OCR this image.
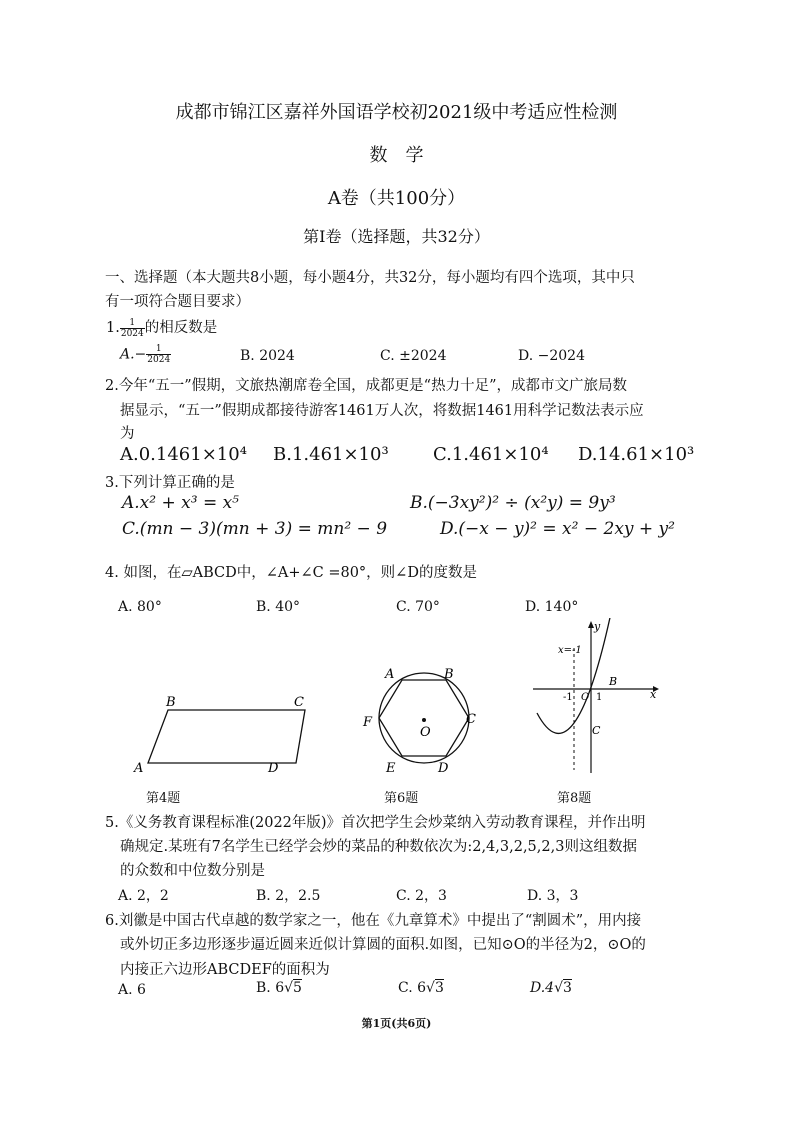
成都市锦江区嘉祥外国语学校初2021级中考适应性检测
数　学
A卷（共100分）
第Ⅰ卷（选择题，共32分）
一、选择题（本大题共8小题，每小题4分，共32分，每小题均有四个选项，其中只
有一项符合题目要求）
1. $\frac{1}{2024}$ 的相反数是
$A.- \frac{1}{2024}$	B. 2024	C. ±2024	D. −2024
2.今年“五一”假期，文旅热潮席卷全国，成都更是“热力十足”，成都市文广旅局数
据显示，“五一”假期成都接待游客1461万人次，将数据1461用科学记数法表示应
为
A.0.1461×10⁴ B.1.461×10³ C.1.461×10⁴ D.14.61×10³
3.下列计算正确的是
A.x² + x³ = x⁵	B.(−3xy²)² ÷ (x²y) = 9y³
C.(mn − 3)(mn + 3) = mn² − 9	D.(−x − y)² = x² − 2xy + y²
4. 如图，在▱ABCD中，∠A+∠C =80°，则∠D的度数是
A. 80°	B. 40°	C. 70°	D. 140°
B	C
A	D
第4题
A	B
C
D
E
F
O
第6题
x=-1
y
x
-1 O 1
B
C
第8题
5.《义务教育课程标准(2022年版)》首次把学生会炒菜纳入劳动教育课程，并作出明
确规定.某班有7名学生已经学会炒的菜品的种数依次为:2,4,3,2,5,2,3则这组数据
的众数和中位数分别是
A. 2，2	B. 2，2.5	C. 2，3	D. 3，3
6.刘徽是中国古代卓越的数学家之一，他在《九章算术》中提出了“割圆术”，用内接
或外切正多边形逐步逼近圆来近似计算圆的面积.如图，已知⊙O的半径为2，⊙O的
内接正六边形ABCDEF的面积为
A. 6	B. 6√5	C. 6√3	D.4√3
第1页(共6页)
